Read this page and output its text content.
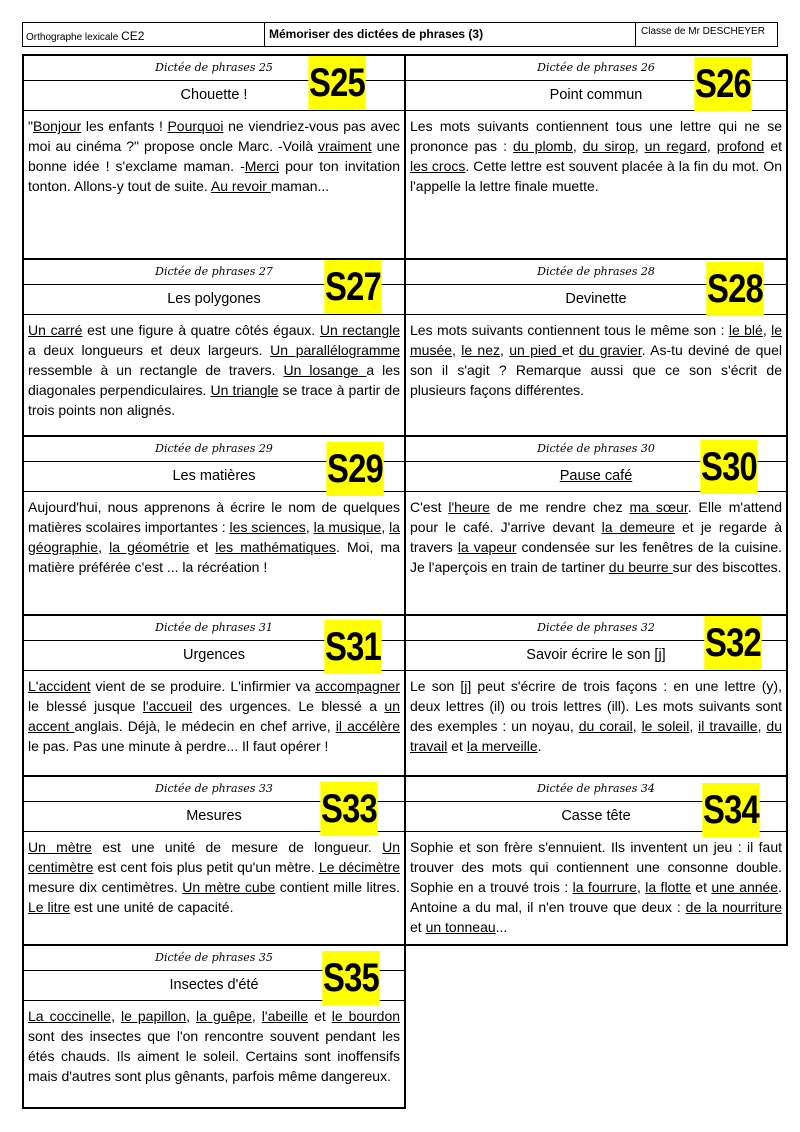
Orthographe lexicale CE2	Mémoriser des dictées de phrases (3)	Classe de Mr DESCHEYER
Dictée de phrases 25
Chouette !
"Bonjour les enfants ! Pourquoi ne viendriez-vous pas avec moi au cinéma ?" propose oncle Marc. -Voilà vraiment une bonne idée ! s'exclame maman. -Merci pour ton invitation tonton. Allons-y tout de suite. Au revoir maman...
S25	Dictée de phrases 26
Point commun
Les mots suivants contiennent tous une lettre qui ne se prononce pas : du plomb, du sirop, un regard, profond et les crocs. Cette lettre est souvent placée à la fin du mot. On l'appelle la lettre finale muette.
S26
Dictée de phrases 27
Les polygones
Un carré est une figure à quatre côtés égaux. Un rectangle a deux longueurs et deux largeurs. Un parallélogramme ressemble à un rectangle de travers. Un losange a les diagonales perpendiculaires. Un triangle se trace à partir de trois points non alignés.
S27	Dictée de phrases 28
Devinette
Les mots suivants contiennent tous le même son : le blé, le musée, le nez, un pied et du gravier. As-tu deviné de quel son il s'agit ? Remarque aussi que ce son s'écrit de plusieurs façons différentes.
S28
Dictée de phrases 29
Les matières
Aujourd'hui, nous apprenons à écrire le nom de quelques matières scolaires importantes : les sciences, la musique, la géographie, la géométrie et les mathématiques. Moi, ma matière préférée c'est ... la récréation !
S29	Dictée de phrases 30
Pause café
C'est l'heure de me rendre chez ma sœur. Elle m'attend pour le café. J'arrive devant la demeure et je regarde à travers la vapeur condensée sur les fenêtres de la cuisine. Je l'aperçois en train de tartiner du beurre sur des biscottes.
S30
Dictée de phrases 31
Urgences
L'accident vient de se produire. L'infirmier va accompagner le blessé jusque l'accueil des urgences. Le blessé a un accent anglais. Déjà, le médecin en chef arrive, il accélère le pas. Pas une minute à perdre... Il faut opérer !
S31	Dictée de phrases 32
Savoir écrire le son [j]
Le son [j] peut s'écrire de trois façons : en une lettre (y), deux lettres (il) ou trois lettres (ill). Les mots suivants sont des exemples : un noyau, du corail, le soleil, il travaille, du travail et la merveille.
S32
Dictée de phrases 33
Mesures
Un mètre est une unité de mesure de longueur. Un centimètre est cent fois plus petit qu'un mètre. Le décimètre mesure dix centimètres. Un mètre cube contient mille litres. Le litre est une unité de capacité.
S33	Dictée de phrases 34
Casse tête
Sophie et son frère s'ennuient. Ils inventent un jeu : il faut trouver des mots qui contiennent une consonne double. Sophie en a trouvé trois : la fourrure, la flotte et une année. Antoine a du mal, il n'en trouve que deux : de la nourriture et un tonneau...
S34
Dictée de phrases 35
Insectes d'été
La coccinelle, le papillon, la guêpe, l'abeille et le bourdon sont des insectes que l'on rencontre souvent pendant les étés chauds. Ils aiment le soleil. Certains sont inoffensifs mais d'autres sont plus gênants, parfois même dangereux.
S35
